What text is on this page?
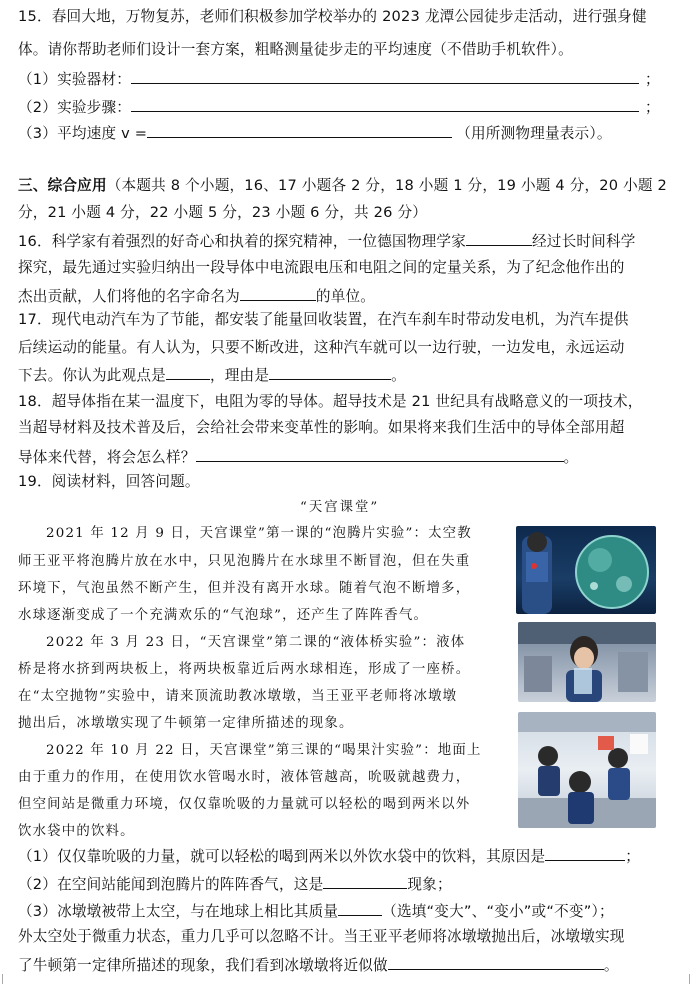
15．春回大地，万物复苏，老师们积极参加学校举办的 2023 龙潭公园徒步走活动，进行强身健
体。请你帮助老师们设计一套方案，粗略测量徒步走的平均速度（不借助手机软件）。
（1）实验器材：	；
（2）实验步骤：	；
（3）平均速度 v =	（用所测物理量表示）。
三、综合应用（本题共 8 个小题，16、17 小题各 2 分，18 小题 1 分，19 小题 4 分，20 小题 2
分，21 小题 4 分，22 小题 5 分，23 小题 6 分，共 26 分）
16．科学家有着强烈的好奇心和执着的探究精神，一位德国物理学家	经过长时间科学
探究，最先通过实验归纳出一段导体中电流跟电压和电阻之间的定量关系，为了纪念他作出的
杰出贡献，人们将他的名字命名为	的单位。
17．现代电动汽车为了节能，都安装了能量回收装置，在汽车刹车时带动发电机，为汽车提供
后续运动的能量。有人认为，只要不断改进，这种汽车就可以一边行驶，一边发电，永远运动
下去。你认为此观点是	，理由是	。
18．超导体指在某一温度下，电阻为零的导体。超导技术是 21 世纪具有战略意义的一项技术，
当超导材料及技术普及后，会给社会带来变革性的影响。如果将来我们生活中的导体全部用超
导体来代替，将会怎么样？	。
19．阅读材料，回答问题。
“天宫课堂”
2021 年 12 月 9 日，天宫课堂”第一课的“泡腾片实验”：太空教
师王亚平将泡腾片放在水中，只见泡腾片在水球里不断冒泡，但在失重
环境下，气泡虽然不断产生，但并没有离开水球。随着气泡不断增多，
水球逐渐变成了一个充满欢乐的“气泡球”，还产生了阵阵香气。
2022 年 3 月 23 日，“天宫课堂”第二课的“液体桥实验”：液体
桥是将水挤到两块板上，将两块板靠近后两水球相连，形成了一座桥。
在“太空抛物”实验中，请来顶流助教冰墩墩，当王亚平老师将冰墩墩
抛出后，冰墩墩实现了牛顿第一定律所描述的现象。
2022 年 10 月 22 日，天宫课堂”第三课的“喝果汁实验”：地面上
由于重力的作用，在使用饮水管喝水时，液体管越高，吮吸就越费力，
但空间站是微重力环境，仅仅靠吮吸的力量就可以轻松的喝到两米以外
饮水袋中的饮料。
（1）仅仅靠吮吸的力量，就可以轻松的喝到两米以外饮水袋中的饮料，其原因是	；
（2）在空间站能闻到泡腾片的阵阵香气，这是	现象；
（3）冰墩墩被带上太空，与在地球上相比其质量	（选填“变大”、“变小”或“不变”）；
外太空处于微重力状态，重力几乎可以忽略不计。当王亚平老师将冰墩墩抛出后，冰墩墩实现
了牛顿第一定律所描述的现象，我们看到冰墩墩将近似做	。
